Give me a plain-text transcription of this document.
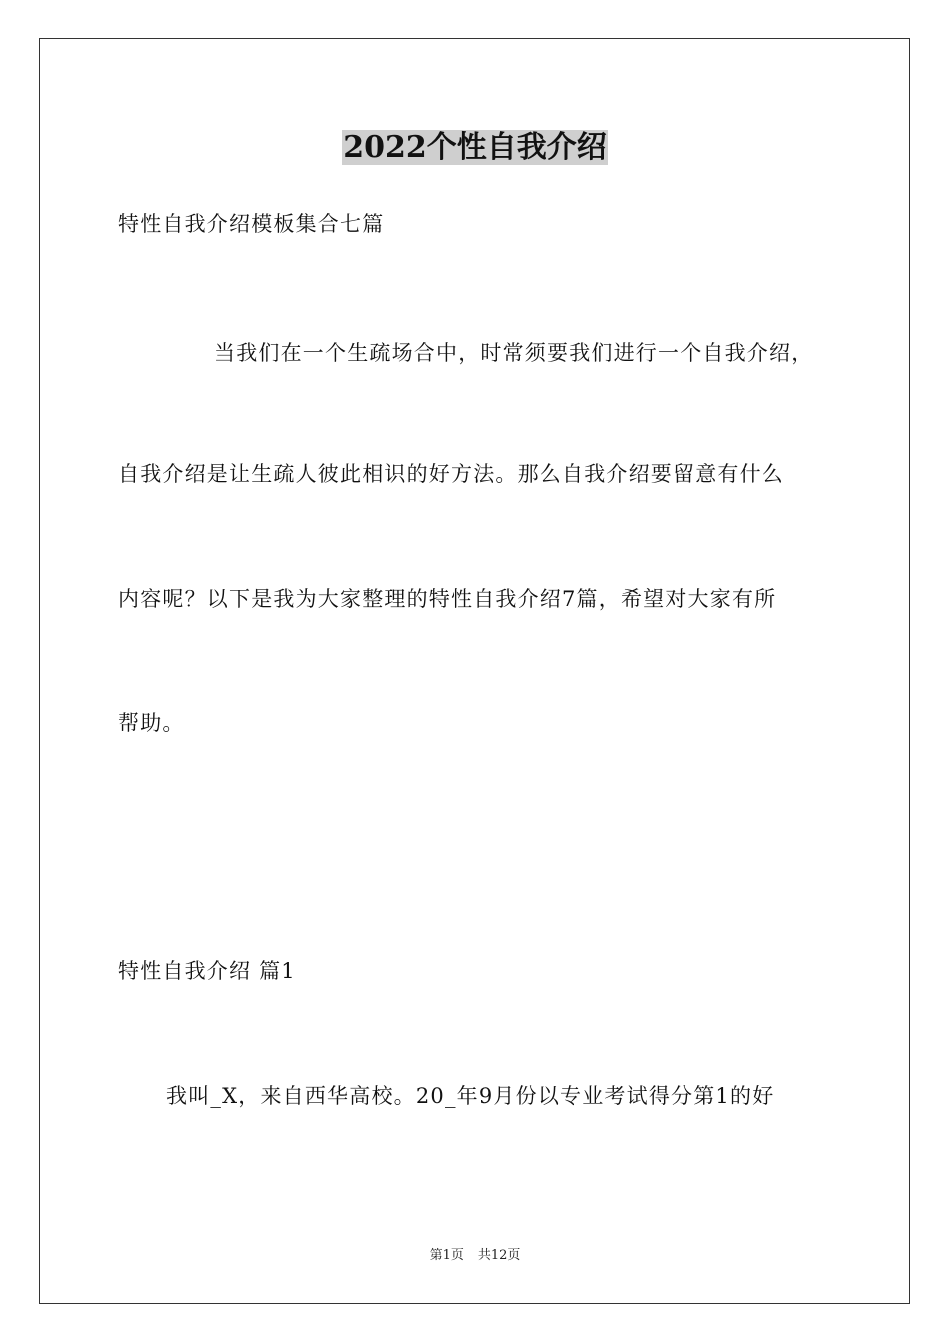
2022个性自我介绍
特性自我介绍模板集合七篇
当我们在一个生疏场合中，时常须要我们进行一个自我介绍，
自我介绍是让生疏人彼此相识的好方法。那么自我介绍要留意有什么
内容呢？以下是我为大家整理的特性自我介绍7篇，希望对大家有所
帮助。
特性自我介绍 篇1
我叫_X，来自西华高校。20_年9月份以专业考试得分第1的好
第1页 共12页
